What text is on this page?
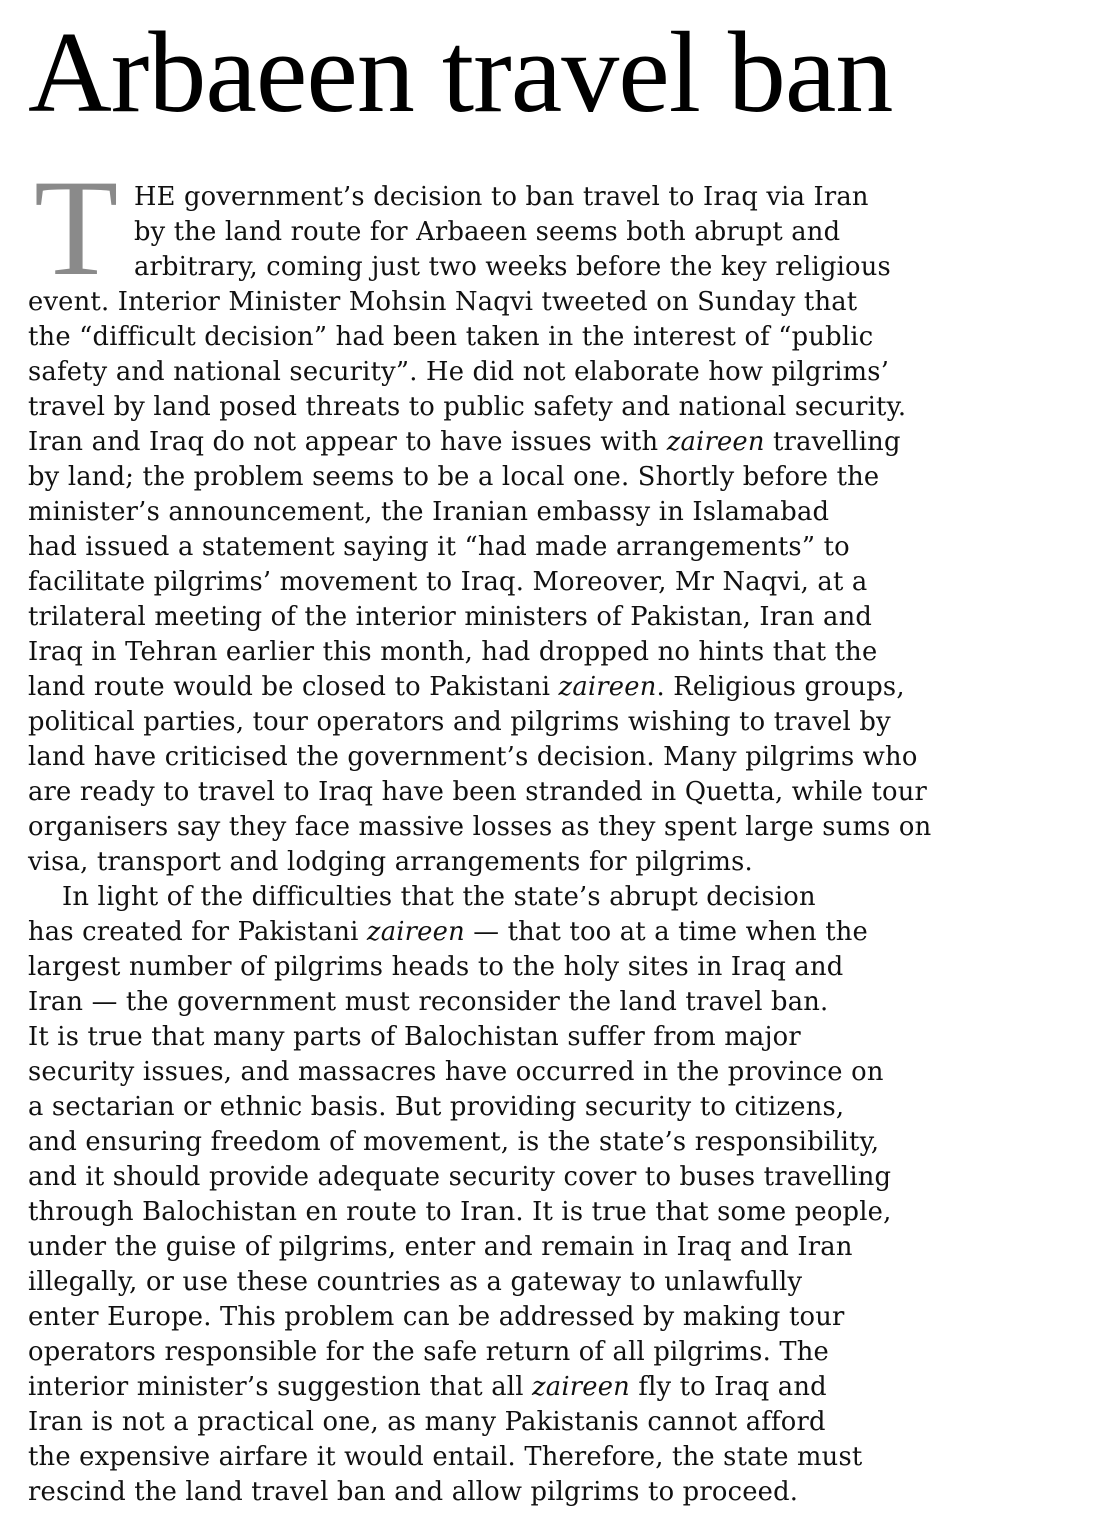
Arbaeen travel ban
T HE government’s decision to ban travel to Iraq via Iran
by the land route for Arbaeen seems both abrupt and
arbitrary, coming just two weeks before the key religious
event. Interior Minister Mohsin Naqvi tweeted on Sunday that
the “difficult decision” had been taken in the interest of “public
safety and national security”. He did not elaborate how pilgrims’
travel by land posed threats to public safety and national security.
Iran and Iraq do not appear to have issues with zaireen travelling
by land; the problem seems to be a local one. Shortly before the
minister’s announcement, the Iranian embassy in Islamabad
had issued a statement saying it “had made arrangements” to
facilitate pilgrims’ movement to Iraq. Moreover, Mr Naqvi, at a
trilateral meeting of the interior ministers of Pakistan, Iran and
Iraq in Tehran earlier this month, had dropped no hints that the
land route would be closed to Pakistani zaireen. Religious groups,
political parties, tour operators and pilgrims wishing to travel by
land have criticised the government’s decision. Many pilgrims who
are ready to travel to Iraq have been stranded in Quetta, while tour
organisers say they face massive losses as they spent large sums on
visa, transport and lodging arrangements for pilgrims.
In light of the difficulties that the state’s abrupt decision
has created for Pakistani zaireen — that too at a time when the
largest number of pilgrims heads to the holy sites in Iraq and
Iran — the government must reconsider the land travel ban.
It is true that many parts of Balochistan suffer from major
security issues, and massacres have occurred in the province on
a sectarian or ethnic basis. But providing security to citizens,
and ensuring freedom of movement, is the state’s responsibility,
and it should provide adequate security cover to buses travelling
through Balochistan en route to Iran. It is true that some people,
under the guise of pilgrims, enter and remain in Iraq and Iran
illegally, or use these countries as a gateway to unlawfully
enter Europe. This problem can be addressed by making tour
operators responsible for the safe return of all pilgrims. The
interior minister’s suggestion that all zaireen fly to Iraq and
Iran is not a practical one, as many Pakistanis cannot afford
the expensive airfare it would entail. Therefore, the state must
rescind the land travel ban and allow pilgrims to proceed.
